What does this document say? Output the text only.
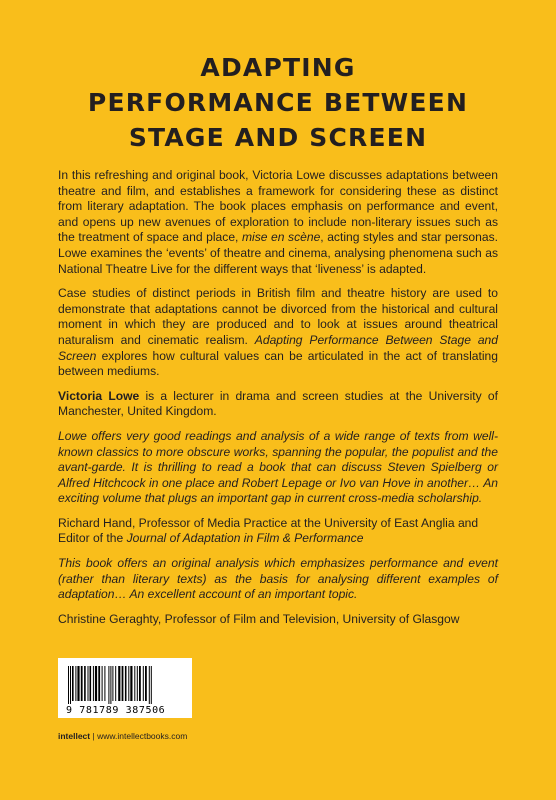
ADAPTING
PERFORMANCE BETWEEN
STAGE AND SCREEN

In this refreshing and original book, Victoria Lowe discusses adaptations between theatre and film, and establishes a framework for considering these as distinct from literary adaptation. The book places emphasis on performance and event, and opens up new avenues of exploration to include non-literary issues such as the treatment of space and place, mise en scène, acting styles and star personas. Lowe examines the ‘events’ of theatre and cinema, analysing phenomena such as National Theatre Live for the different ways that ‘liveness’ is adapted.

Case studies of distinct periods in British film and theatre history are used to demonstrate that adaptations cannot be divorced from the historical and cultural moment in which they are produced and to look at issues around theatrical naturalism and cinematic realism. Adapting Performance Between Stage and Screen explores how cultural values can be articulated in the act of translating between mediums.

Victoria Lowe is a lecturer in drama and screen studies at the University of Manchester, United Kingdom.

Lowe offers very good readings and analysis of a wide range of texts from well-known classics to more obscure works, spanning the popular, the populist and the avant-garde. It is thrilling to read a book that can discuss Steven Spielberg or Alfred Hitchcock in one place and Robert Lepage or Ivo van Hove in another… An exciting volume that plugs an important gap in current cross-media scholarship.

Richard Hand, Professor of Media Practice at the University of East Anglia and Editor of the Journal of Adaptation in Film & Performance

This book offers an original analysis which emphasizes performance and event (rather than literary texts) as the basis for analysing different examples of adaptation… An excellent account of an important topic.

Christine Geraghty, Professor of Film and Television, University of Glasgow

9 781789 387506
intellect | www.intellectbooks.com
